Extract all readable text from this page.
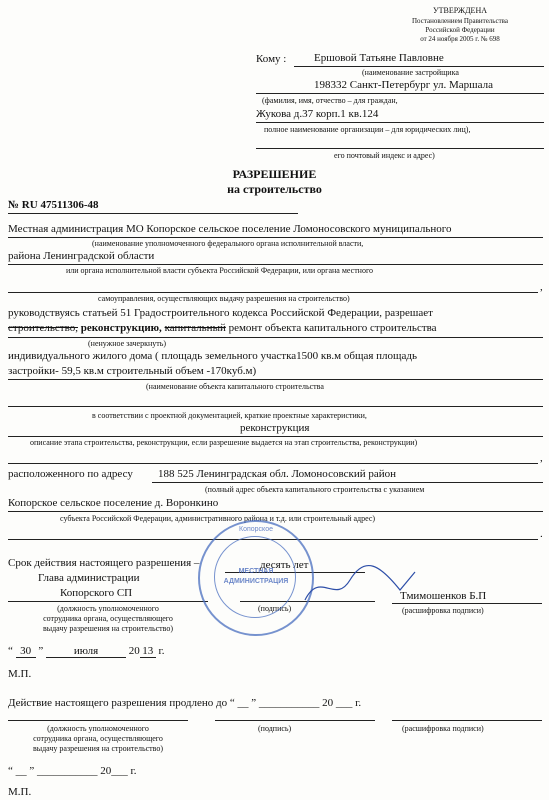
УТВЕРЖДЕНА
Постановлением Правительства
Российской Федерации
от 24 ноября 2005 г. № 698
Кому :	Ершовой Татьяне Павловне
(наименование застройщика
198332 Санкт-Петербург ул. Маршала
(фамилия, имя, отчество – для граждан,
Жукова д.37 корп.1 кв.124
полное наименование организации – для юридических лиц),
его почтовый индекс и адрес)
РАЗРЕШЕНИЕ
на строительство
№ RU 47511306-48
Местная администрация МО Копорское сельское поселение Ломоносовского муниципального
(наименование уполномоченного федерального органа исполнительной власти,
района Ленинградской области
или органа исполнительной власти субъекта Российской Федерации, или органа местного
,
самоуправления, осуществляющих выдачу разрешения на строительство)
руководствуясь статьей 51 Градостроительного кодекса Российской Федерации, разрешает
строительство, реконструкцию, капитальный ремонт объекта капитального строительства
(ненужное зачеркнуть)
индивидуального жилого дома ( площадь земельного участка1500 кв.м общая площадь
застройки- 59,5 кв.м строительный объем -170куб.м)
(наименование объекта капитального строительства
в соответствии с проектной документацией, краткие проектные характеристики,
реконструкция
описание этапа строительства, реконструкции, если разрешение выдается на этап строительства, реконструкции)
,
расположенного по адресу 188 525 Ленинградская обл. Ломоносовский район
(полный адрес объекта капитального строительства с указанием
Копорское сельское поселение д. Воронкино
субъекта Российской Федерации, административного района и т.д. или строительный адрес)
.
Срок действия настоящего разрешения –	десять лет
Глава администрации
Копорского СП	Тмимошенков Б.П
(должность уполномоченного
сотрудника органа, осуществляющего
выдачу разрешения на строительство)
(подпись)	(расшифровка подписи)
“ 30 ”	июля	20 13 г.
М.П.
Копорское
МЕСТНАЯ
АДМИНИСТРАЦИЯ
Действие настоящего разрешения продлено до “ __ ” ___________ 20 ___ г.
(должность уполномоченного
сотрудника органа, осуществляющего
выдачу разрешения на строительство)
(подпись)	(расшифровка подписи)
“ __ ” ___________ 20___ г.
М.П.
